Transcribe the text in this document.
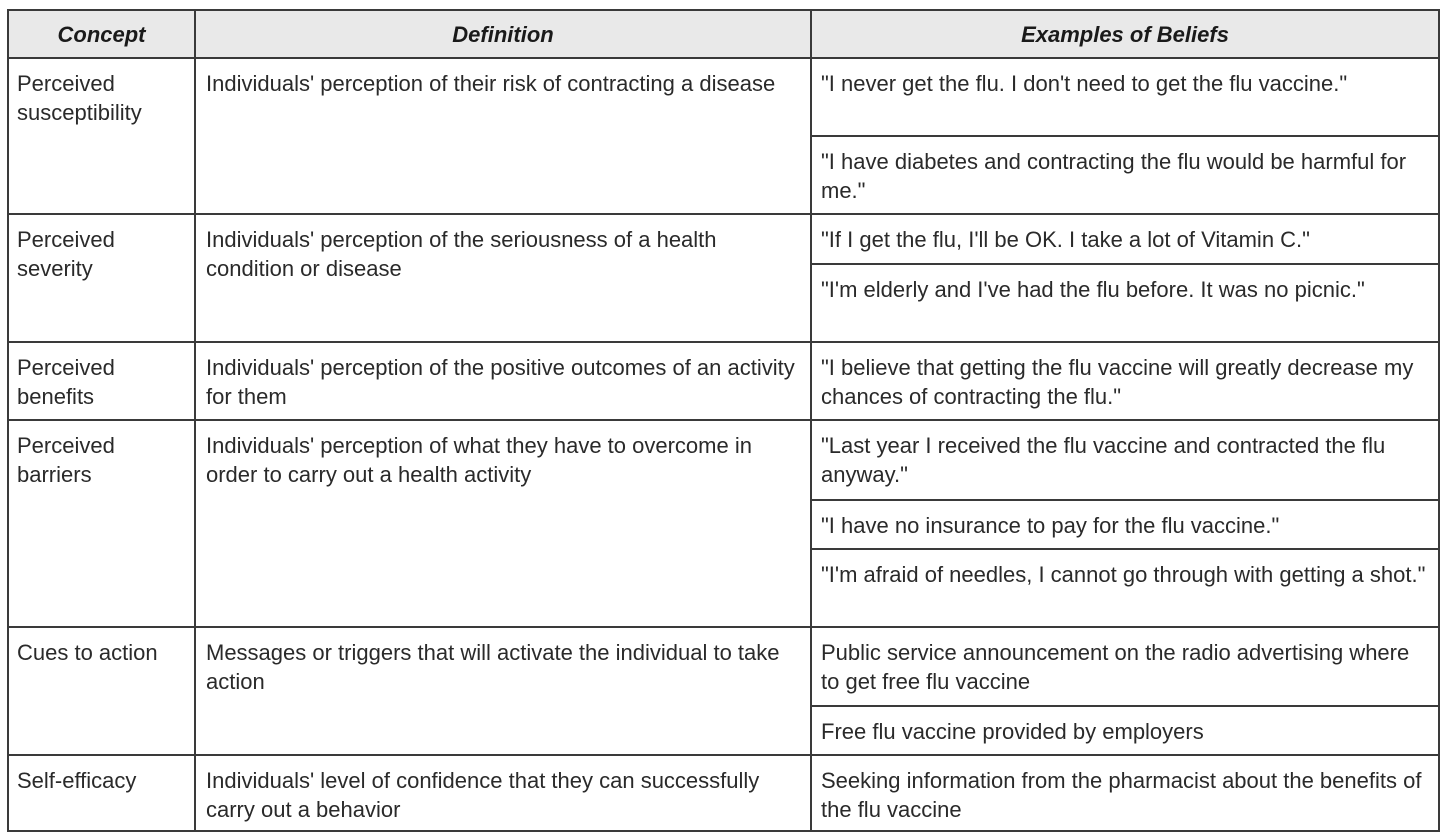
Concept	Definition	Examples of Beliefs
Perceived susceptibility	Individuals' perception of their risk of contracting a disease	"I never get the flu. I don't need to get the flu vaccine."
		"I have diabetes and contracting the flu would be harmful for me."
Perceived severity	Individuals' perception of the seriousness of a health condition or disease	"If I get the flu, I'll be OK. I take a lot of Vitamin C."
		"I'm elderly and I've had the flu before. It was no picnic."
Perceived benefits	Individuals' perception of the positive outcomes of an activity for them	"I believe that getting the flu vaccine will greatly decrease my chances of contracting the flu."
Perceived barriers	Individuals' perception of what they have to overcome in order to carry out a health activity	"Last year I received the flu vaccine and contracted the flu anyway."
		"I have no insurance to pay for the flu vaccine."
		"I'm afraid of needles, I cannot go through with getting a shot."
Cues to action	Messages or triggers that will activate the individual to take action	Public service announcement on the radio advertising where to get free flu vaccine
		Free flu vaccine provided by employers
Self-efficacy	Individuals' level of confidence that they can successfully carry out a behavior	Seeking information from the pharmacist about the benefits of the flu vaccine
